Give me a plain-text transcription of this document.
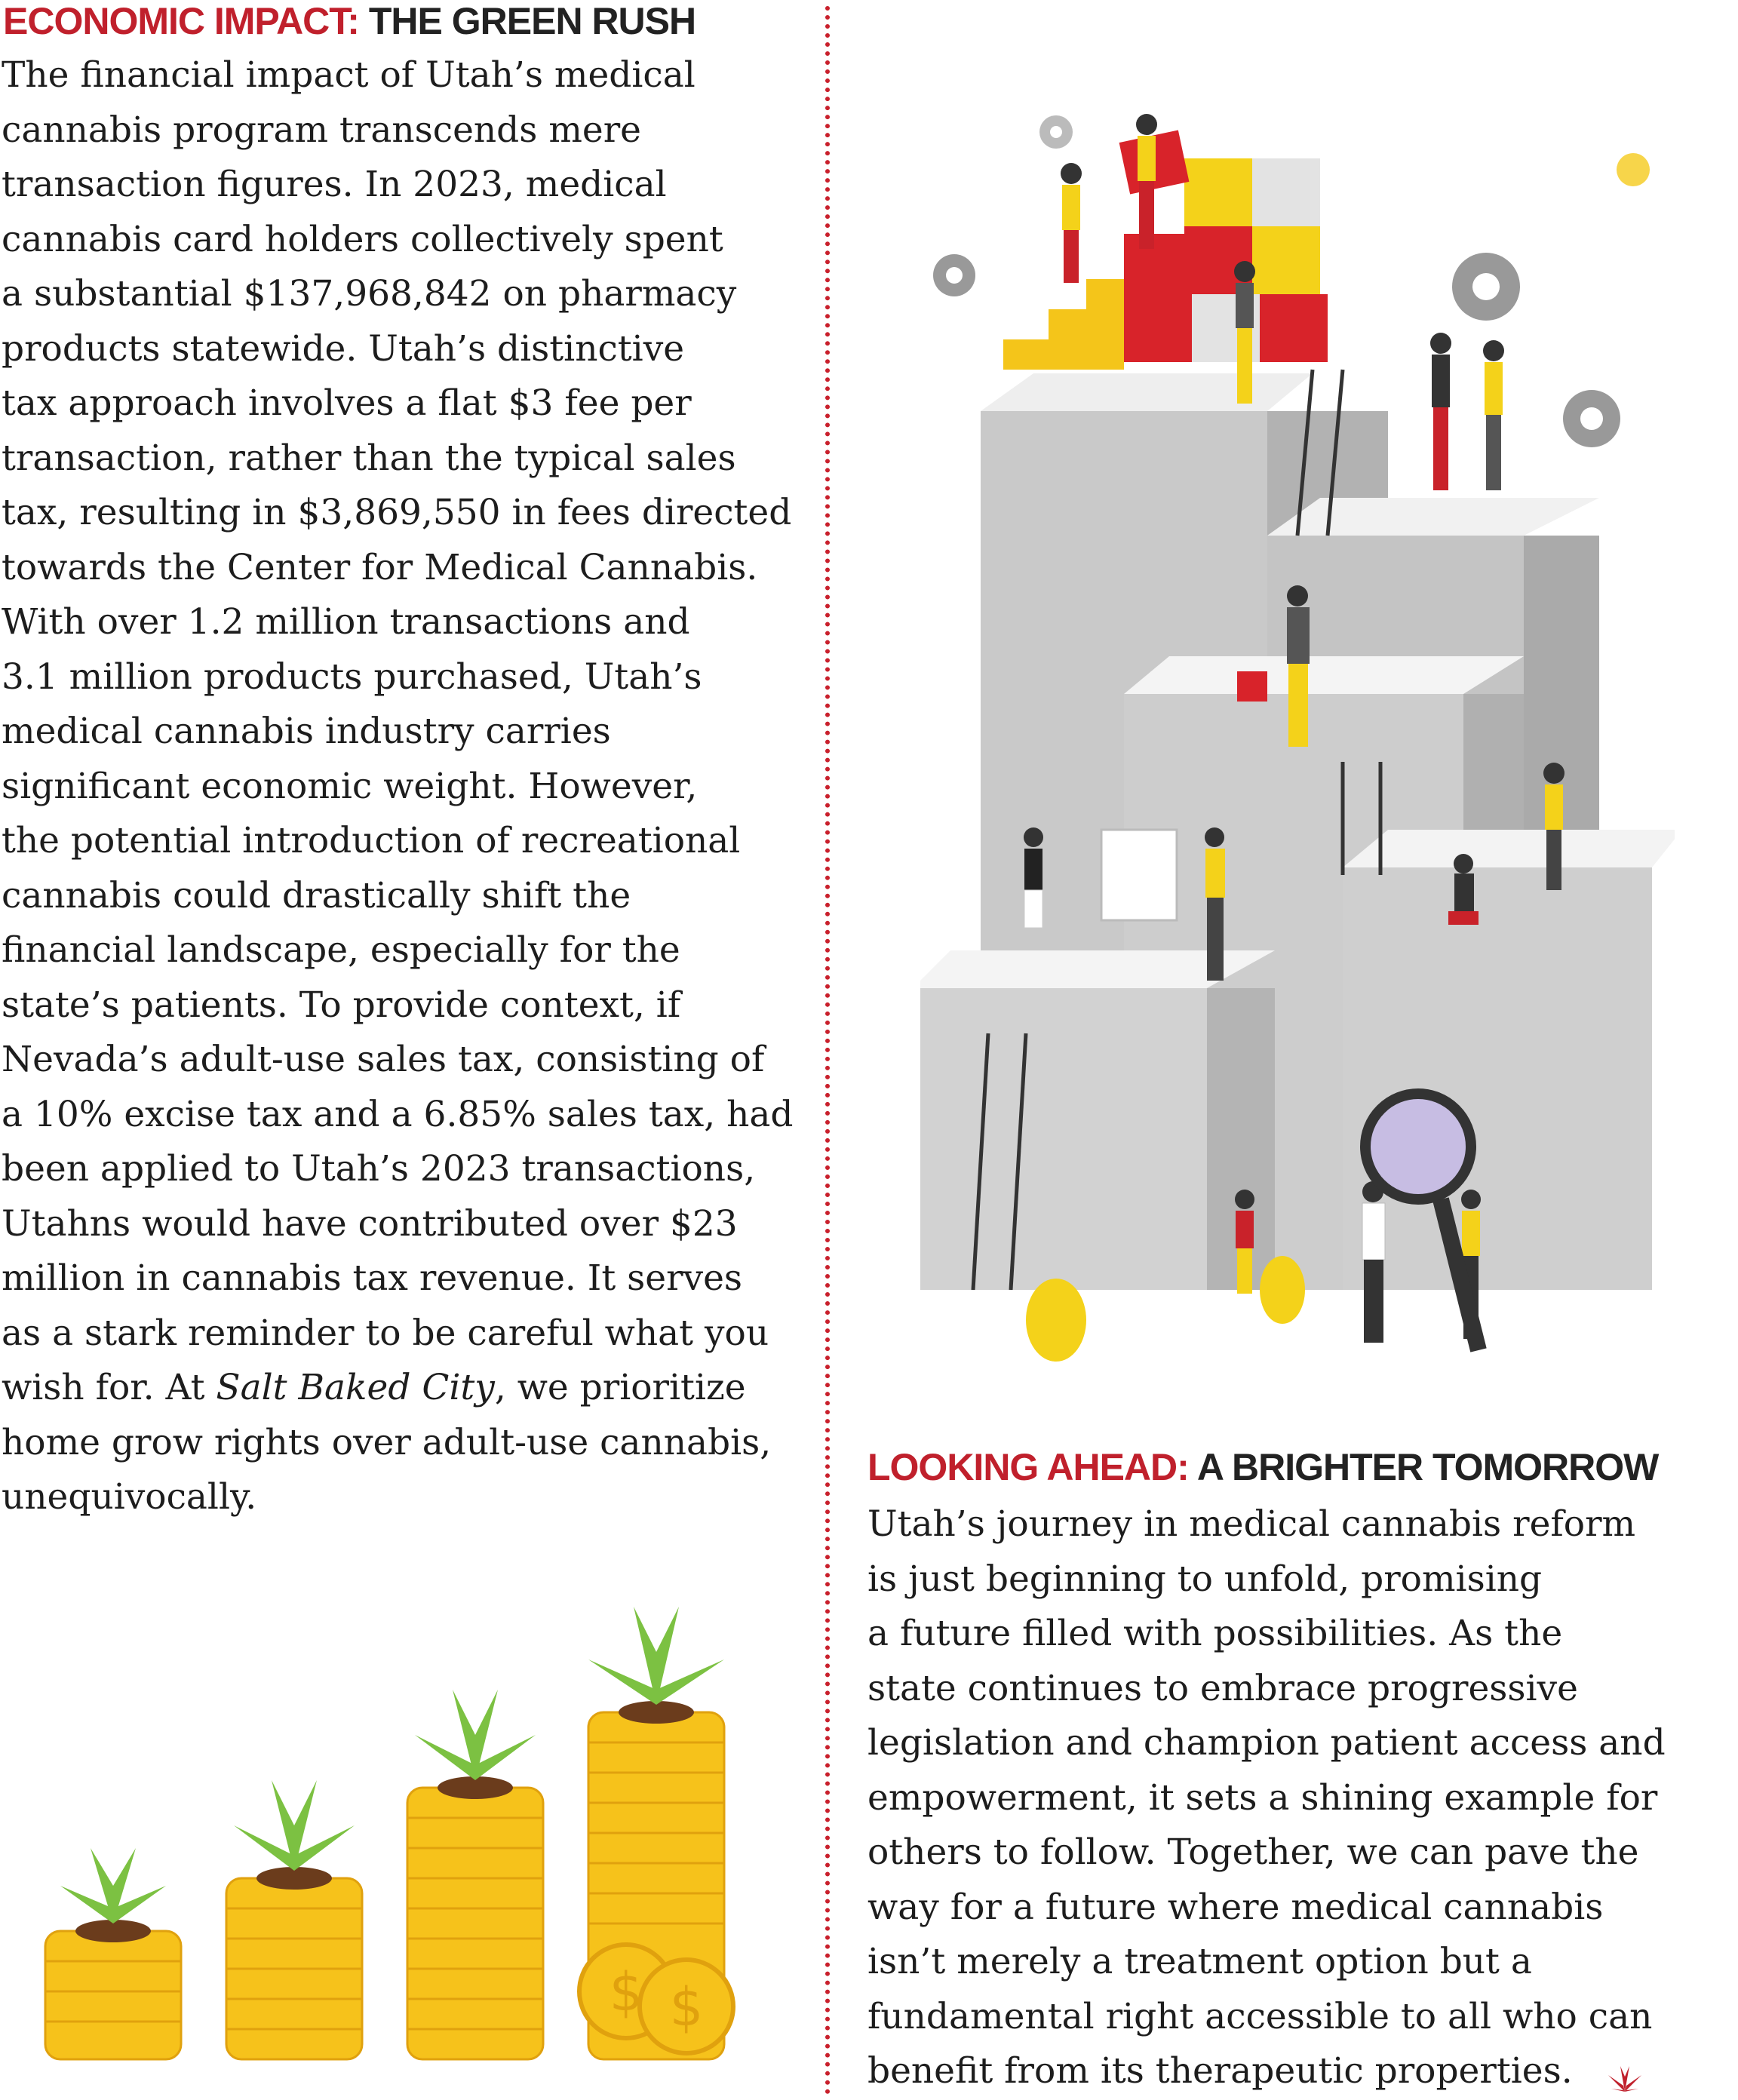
ECONOMIC IMPACT: THE GREEN RUSH
The financial impact of Utah’s medical
cannabis program transcends mere
transaction figures. In 2023, medical
cannabis card holders collectively spent
a substantial $137,968,842 on pharmacy
products statewide. Utah’s distinctive
tax approach involves a flat $3 fee per
transaction, rather than the typical sales
tax, resulting in $3,869,550 in fees directed
towards the Center for Medical Cannabis.
With over 1.2 million transactions and
3.1 million products purchased, Utah’s
medical cannabis industry carries
significant economic weight. However,
the potential introduction of recreational
cannabis could drastically shift the
financial landscape, especially for the
state’s patients. To provide context, if
Nevada’s adult-use sales tax, consisting of
a 10% excise tax and a 6.85% sales tax, had
been applied to Utah’s 2023 transactions,
Utahns would have contributed over $23
million in cannabis tax revenue. It serves
as a stark reminder to be careful what you
wish for. At Salt Baked City, we prioritize
home grow rights over adult-use cannabis,
unequivocally.
$ $
LOOKING AHEAD: A BRIGHTER TOMORROW
Utah’s journey in medical cannabis reform
is just beginning to unfold, promising
a future filled with possibilities. As the
state continues to embrace progressive
legislation and champion patient access and
empowerment, it sets a shining example for
others to follow. Together, we can pave the
way for a future where medical cannabis
isn’t merely a treatment option but a
fundamental right accessible to all who can
benefit from its therapeutic properties.
